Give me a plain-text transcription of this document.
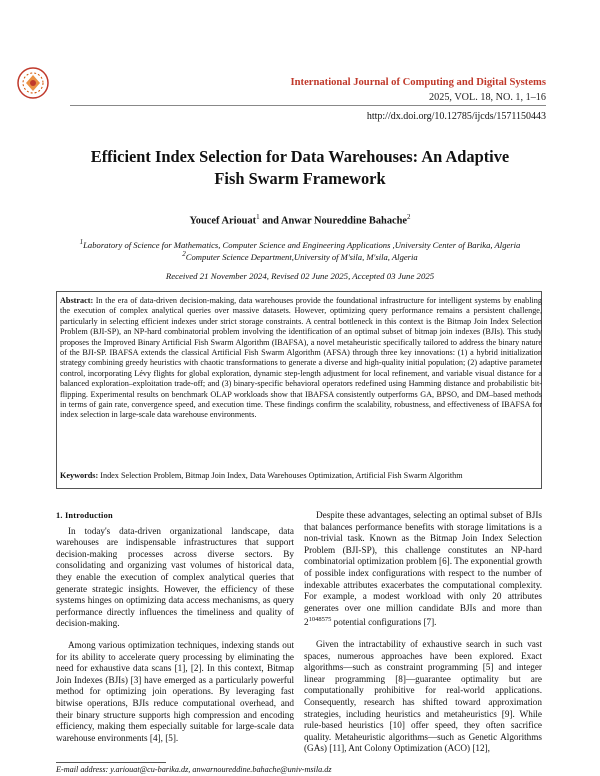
International Journal of Computing and Digital Systems
2025, VOL. 18, NO. 1, 1–16
http://dx.doi.org/10.12785/ijcds/1571150443
Efficient Index Selection for Data Warehouses: An Adaptive
Fish Swarm Framework
Youcef Ariouat$^1$ and Anwar Noureddine Bahache$^2$
$^1$Laboratory of Science for Mathematics, Computer Science and Engineering Applications ,University Center of Barika, Algeria
$^2$Computer Science Department,University of M'sila, M'sila, Algeria
Received 21 November 2024, Revised 02 June 2025, Accepted 03 June 2025
Abstract: In the era of data-driven decision-making, data warehouses provide the foundational infrastructure for intelligent systems by enabling the execution of complex analytical queries over massive datasets. However, optimizing query performance remains a persistent challenge, particularly in selecting efficient indexes under strict storage constraints. A central bottleneck in this context is the Bitmap Join Index Selection Problem (BJI-SP), an NP-hard combinatorial problem involving the identification of an optimal subset of bitmap join indexes (BJIs). This study proposes the Improved Binary Artificial Fish Swarm Algorithm (IBAFSA), a novel metaheuristic specifically tailored to address the binary nature of the BJI-SP. IBAFSA extends the classical Artificial Fish Swarm Algorithm (AFSA) through three key innovations: (1) a hybrid initialization strategy combining greedy heuristics with chaotic transformations to generate a diverse and high-quality initial population; (2) adaptive parameter control, incorporating Lévy flights for global exploration, dynamic step-length adjustment for local refinement, and variable visual distance for a balanced exploration–exploitation trade-off; and (3) binary-specific behavioral operators redefined using Hamming distance and probabilistic bit-flipping. Experimental results on benchmark OLAP workloads show that IBAFSA consistently outperforms GA, BPSO, and DM–based methods in terms of gain rate, convergence speed, and execution time. These findings confirm the scalability, robustness, and effectiveness of IBAFSA for index selection in large-scale data warehouse environments.
Keywords: Index Selection Problem, Bitmap Join Index, Data Warehouses Optimization, Artificial Fish Swarm Algorithm
1. Introduction

In today's data-driven organizational landscape, data warehouses are indispensable infrastructures that support decision-making processes across diverse sectors. By consolidating and organizing vast volumes of historical data, they enable the execution of complex analytical queries that generate strategic insights. However, the efficiency of these systems hinges on optimizing data access mechanisms, as query performance directly influences the timeliness and quality of decision-making.

Among various optimization techniques, indexing stands out for its ability to accelerate query processing by eliminating the need for exhaustive data scans [1], [2]. In this context, Bitmap Join Indexes (BJIs) [3] have emerged as a particularly powerful method for optimizing join operations. By leveraging fast bitwise operations, BJIs reduce computational overhead, and their binary structure supports high compression and encoding efficiency, making them especially suitable for large-scale data warehouse environments [4], [5].

Despite these advantages, selecting an optimal subset of BJIs that balances performance benefits with storage limitations is a non-trivial task. Known as the Bitmap Join Index Selection Problem (BJI-SP), this challenge constitutes an NP-hard combinatorial optimization problem [6]. The exponential growth of possible index configurations with respect to the number of indexable attributes exacerbates the computational complexity. For example, a modest workload with only 20 attributes generates over one million candidate BJIs and more than $2^{1048575}$ potential configurations [7].

Given the intractability of exhaustive search in such vast spaces, numerous approaches have been explored. Exact algorithms—such as constraint programming [5] and integer linear programming [8]—guarantee optimality but are computationally prohibitive for real-world applications. Consequently, research has shifted toward approximation strategies, including heuristics and metaheuristics [9]. While rule-based heuristics [10] offer speed, they often sacrifice quality. Metaheuristic algorithms—such as Genetic Algorithms (GAs) [11], Ant Colony Optimization (ACO) [12],

E-mail address: y.ariouat@cu-barika.dz, anwarnoureddine.bahache@univ-msila.dz
